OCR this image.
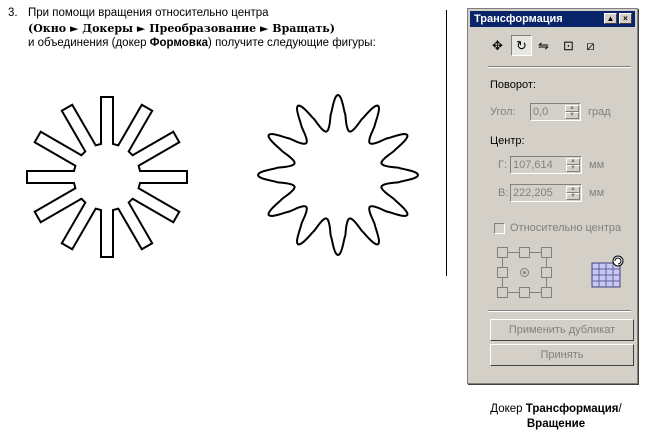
3. При помощи вращения относительно центра
(Окно ► Докеры ► Преобразование ► Вращать)
и объединения (докер Формовка) получите следующие фигуры:
Трансформация	▲	×
✥	↻ ⇋	⊡ ⧄
Поворот:
Угол: 0,0	▲
▼	град
Центр:
Г: 107,614	▲
▼	мм
В: 222,205	▲
▼	мм
Относительно центра
Применить дубликат
Принять
Докер Трансформация/
Вращение
